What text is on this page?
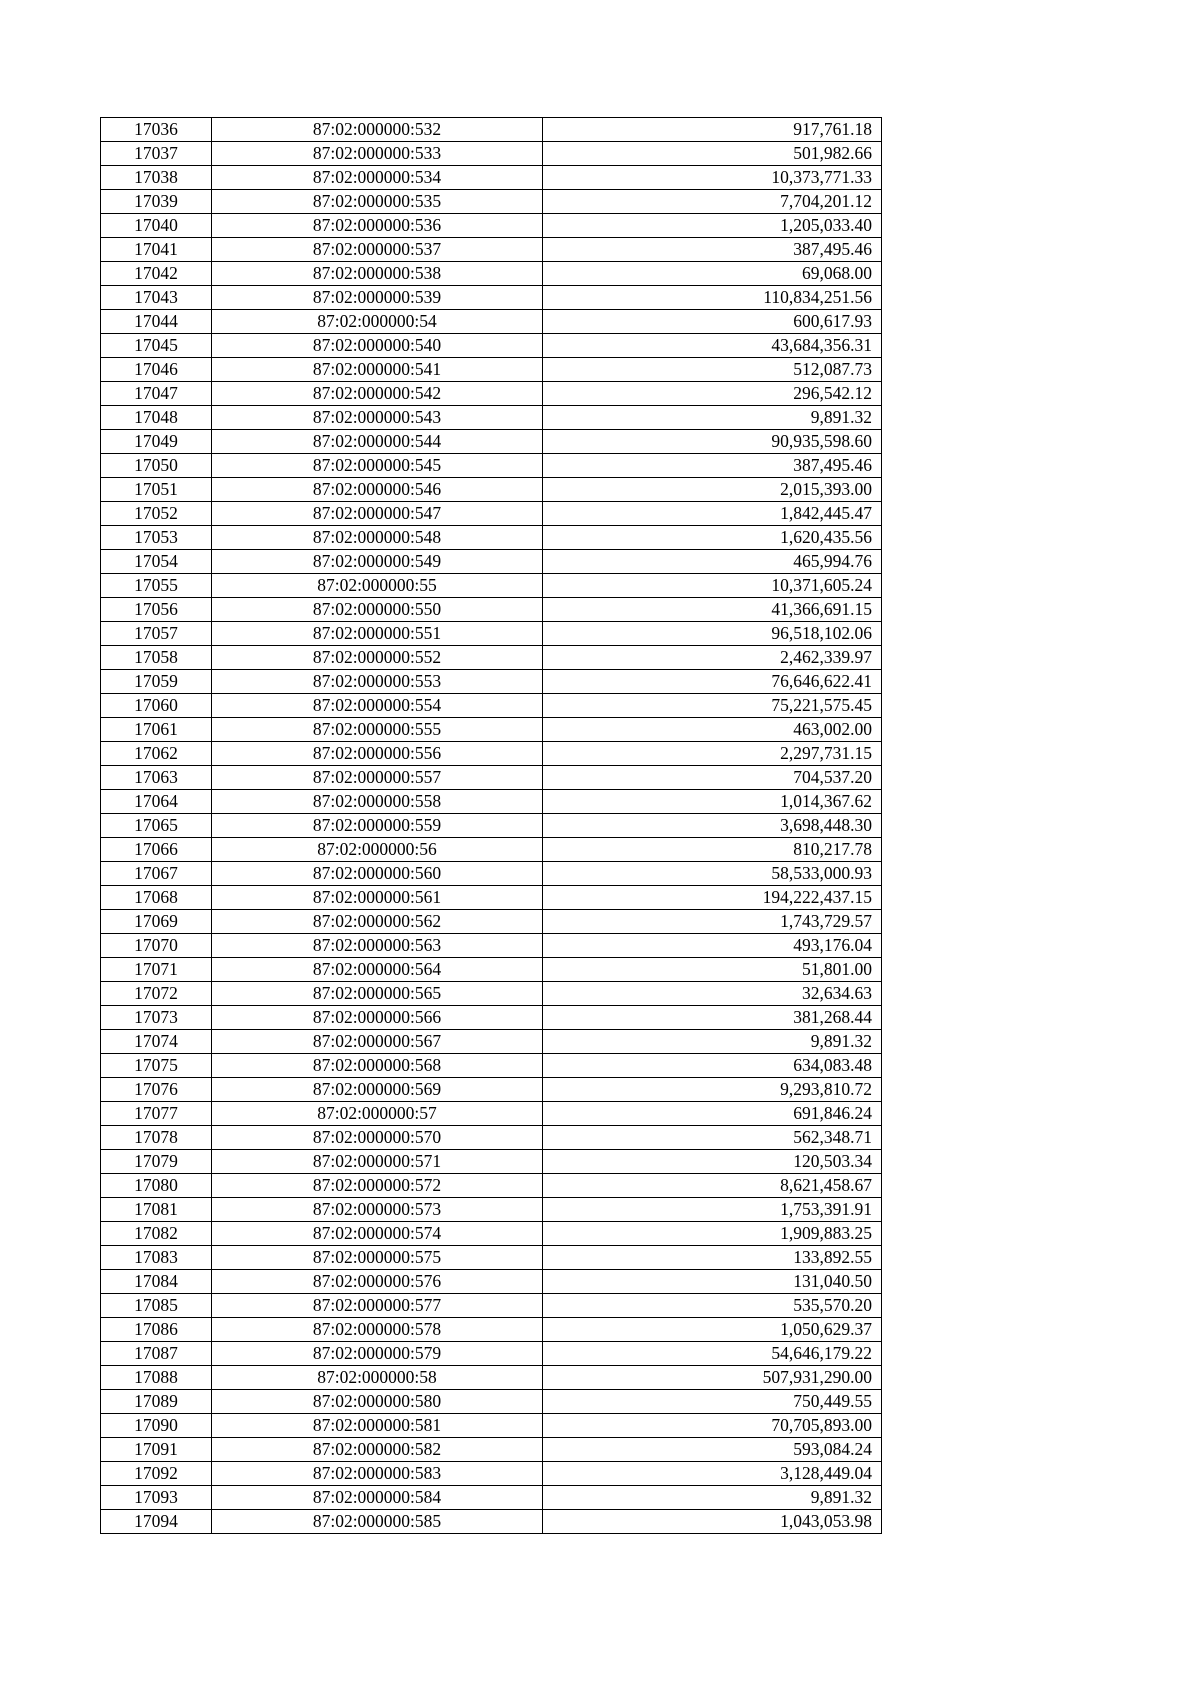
17036	87:02:000000:532	917,761.18
17037	87:02:000000:533	501,982.66
17038	87:02:000000:534	10,373,771.33
17039	87:02:000000:535	7,704,201.12
17040	87:02:000000:536	1,205,033.40
17041	87:02:000000:537	387,495.46
17042	87:02:000000:538	69,068.00
17043	87:02:000000:539	110,834,251.56
17044	87:02:000000:54	600,617.93
17045	87:02:000000:540	43,684,356.31
17046	87:02:000000:541	512,087.73
17047	87:02:000000:542	296,542.12
17048	87:02:000000:543	9,891.32
17049	87:02:000000:544	90,935,598.60
17050	87:02:000000:545	387,495.46
17051	87:02:000000:546	2,015,393.00
17052	87:02:000000:547	1,842,445.47
17053	87:02:000000:548	1,620,435.56
17054	87:02:000000:549	465,994.76
17055	87:02:000000:55	10,371,605.24
17056	87:02:000000:550	41,366,691.15
17057	87:02:000000:551	96,518,102.06
17058	87:02:000000:552	2,462,339.97
17059	87:02:000000:553	76,646,622.41
17060	87:02:000000:554	75,221,575.45
17061	87:02:000000:555	463,002.00
17062	87:02:000000:556	2,297,731.15
17063	87:02:000000:557	704,537.20
17064	87:02:000000:558	1,014,367.62
17065	87:02:000000:559	3,698,448.30
17066	87:02:000000:56	810,217.78
17067	87:02:000000:560	58,533,000.93
17068	87:02:000000:561	194,222,437.15
17069	87:02:000000:562	1,743,729.57
17070	87:02:000000:563	493,176.04
17071	87:02:000000:564	51,801.00
17072	87:02:000000:565	32,634.63
17073	87:02:000000:566	381,268.44
17074	87:02:000000:567	9,891.32
17075	87:02:000000:568	634,083.48
17076	87:02:000000:569	9,293,810.72
17077	87:02:000000:57	691,846.24
17078	87:02:000000:570	562,348.71
17079	87:02:000000:571	120,503.34
17080	87:02:000000:572	8,621,458.67
17081	87:02:000000:573	1,753,391.91
17082	87:02:000000:574	1,909,883.25
17083	87:02:000000:575	133,892.55
17084	87:02:000000:576	131,040.50
17085	87:02:000000:577	535,570.20
17086	87:02:000000:578	1,050,629.37
17087	87:02:000000:579	54,646,179.22
17088	87:02:000000:58	507,931,290.00
17089	87:02:000000:580	750,449.55
17090	87:02:000000:581	70,705,893.00
17091	87:02:000000:582	593,084.24
17092	87:02:000000:583	3,128,449.04
17093	87:02:000000:584	9,891.32
17094	87:02:000000:585	1,043,053.98
